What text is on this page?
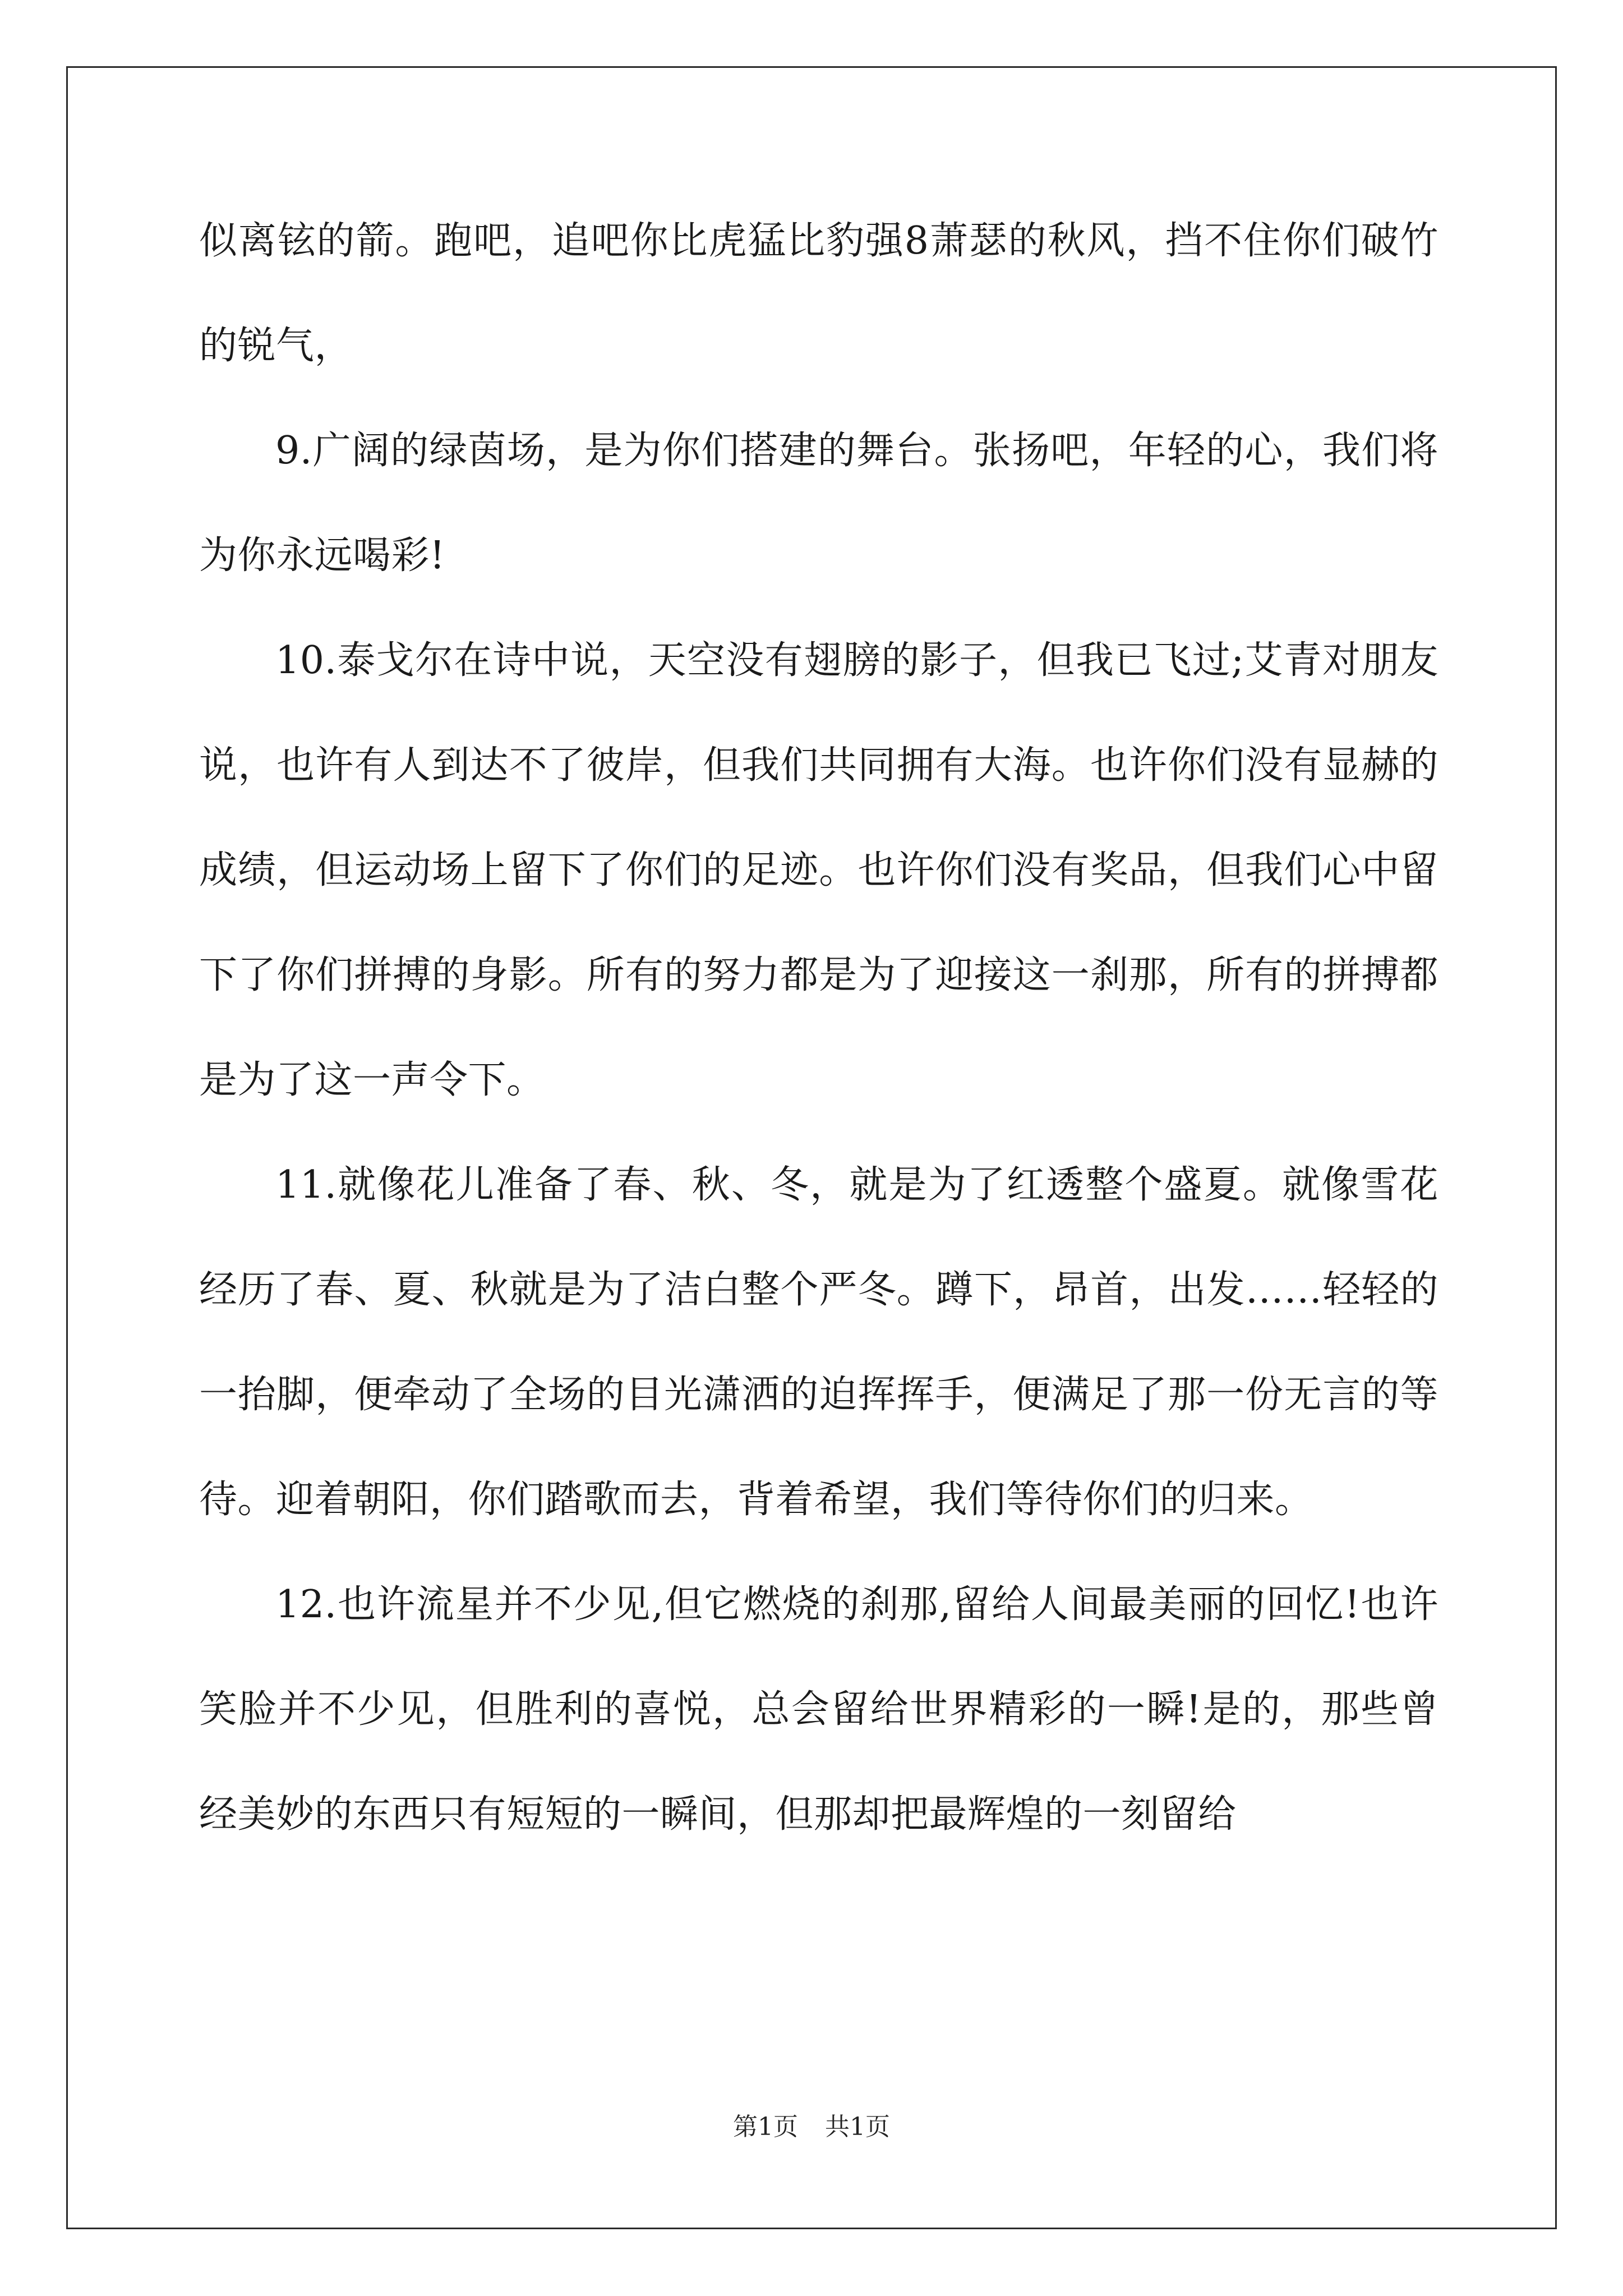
似离铉的箭。跑吧，追吧你比虎猛比豹强8萧瑟的秋风，挡不住你们破竹的锐气，

9.广阔的绿茵场，是为你们搭建的舞台。张扬吧，年轻的心，我们将为你永远喝彩!

10.泰戈尔在诗中说，天空没有翅膀的影子，但我已飞过;艾青对朋友说，也许有人到达不了彼岸，但我们共同拥有大海。也许你们没有显赫的成绩，但运动场上留下了你们的足迹。也许你们没有奖品，但我们心中留下了你们拼搏的身影。所有的努力都是为了迎接这一刹那，所有的拼搏都是为了这一声令下。

11.就像花儿准备了春、秋、冬，就是为了红透整个盛夏。就像雪花经历了春、夏、秋就是为了洁白整个严冬。蹲下，昂首，出发……轻轻的一抬脚，便牵动了全场的目光潇洒的迫挥挥手，便满足了那一份无言的等待。迎着朝阳，你们踏歌而去，背着希望，我们等待你们的归来。

12.也许流星并不少见,但它燃烧的刹那,留给人间最美丽的回忆!也许笑脸并不少见，但胜利的喜悦，总会留给世界精彩的一瞬!是的，那些曾经美妙的东西只有短短的一瞬间，但那却把最辉煌的一刻留给

第1页 共1页
